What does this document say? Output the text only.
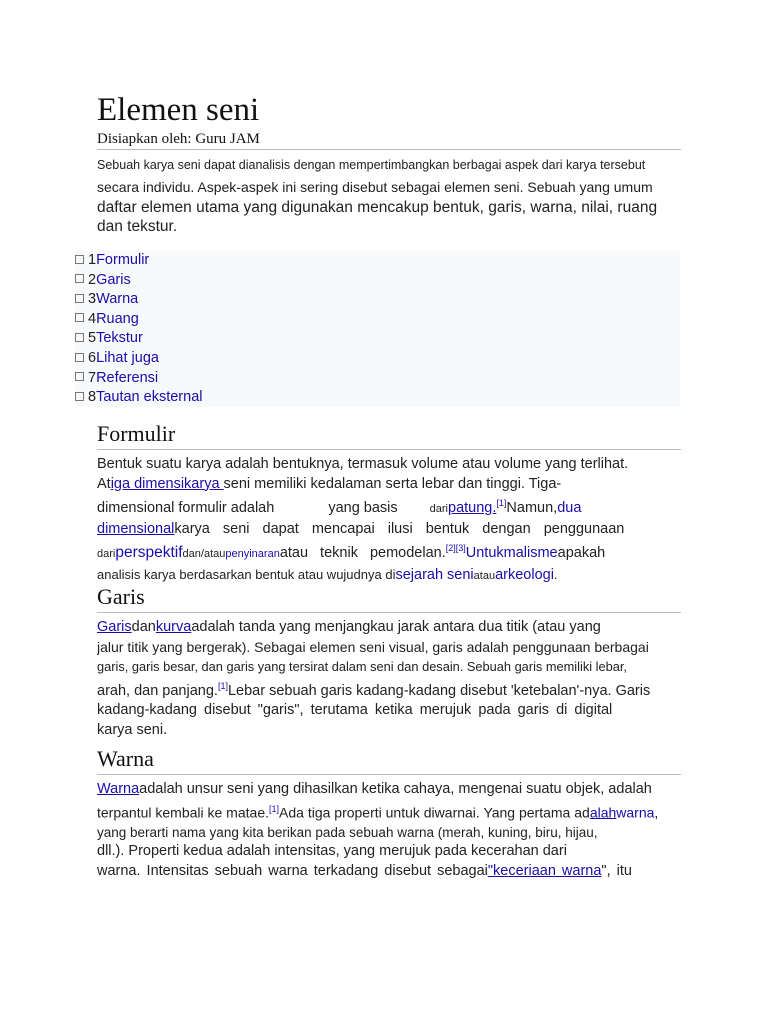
Elemen seni
Disiapkan oleh: Guru JAM
Sebuah karya seni dapat dianalisis dengan mempertimbangkan berbagai aspek dari karya tersebut
secara individu. Aspek-aspek ini sering disebut sebagai elemen seni. Sebuah yang umum
daftar elemen utama yang digunakan mencakup bentuk, garis, warna, nilai, ruang
dan tekstur.
1Formulir
2Garis
3Warna
4Ruang
5Tekstur
6Lihat juga
7Referensi
8Tautan eksternal
Formulir
Bentuk suatu karya adalah bentuknya, termasuk volume atau volume yang terlihat.
Atiga dimensikarya seni memiliki kedalaman serta lebar dan tinggi. Tiga-
dimensional formulir adalah	yang basis	daripatung.[1]Namun,dua
dimensionalkarya seni dapat mencapai ilusi bentuk dengan penggunaan
dariperspektifdan/ataupenyinaranatau teknik pemodelan.[2][3]Untukmalismeapakah
analisis karya berdasarkan bentuk atau wujudnya disejarah seniatauarkeologi.
Garis
Garisdankurvaadalah tanda yang menjangkau jarak antara dua titik (atau yang
jalur titik yang bergerak). Sebagai elemen seni visual, garis adalah penggunaan berbagai
garis, garis besar, dan garis yang tersirat dalam seni dan desain. Sebuah garis memiliki lebar,
arah, dan panjang.[1]Lebar sebuah garis kadang-kadang disebut 'ketebalan'-nya. Garis
kadang-kadang disebut "garis", terutama ketika merujuk pada garis di digital
karya seni.
Warna
Warnaadalah unsur seni yang dihasilkan ketika cahaya, mengenai suatu objek, adalah
terpantul kembali ke matae.[1]Ada tiga properti untuk diwarnai. Yang pertama adalahwarna,
yang berarti nama yang kita berikan pada sebuah warna (merah, kuning, biru, hijau,
dll.). Properti kedua adalah intensitas, yang merujuk pada kecerahan dari
warna. Intensitas sebuah warna terkadang disebut sebagai"keceriaan warna", itu
